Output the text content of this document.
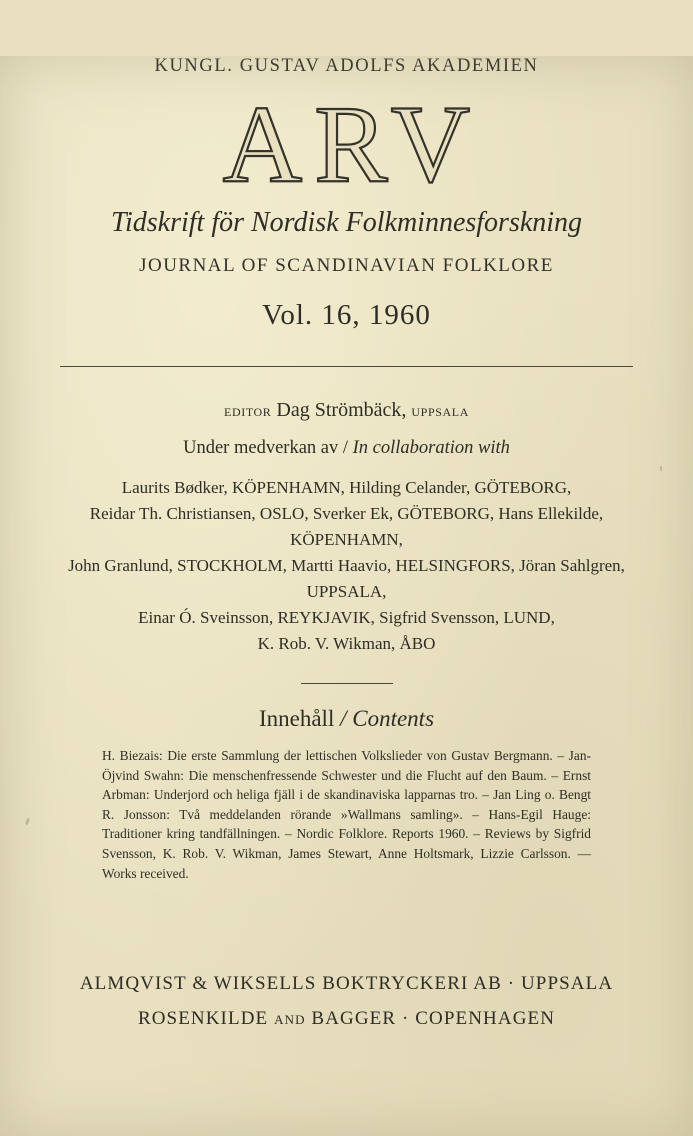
KUNGL. GUSTAV ADOLFS AKADEMIEN
ARV
Tidskrift för Nordisk Folkminnesforskning
JOURNAL OF SCANDINAVIAN FOLKLORE
Vol. 16, 1960
editor Dag Strömbäck, uppsala
Under medverkan av / In collaboration with
Laurits Bødker, KÖPENHAMN, Hilding Celander, GÖTEBORG,
Reidar Th. Christiansen, OSLO, Sverker Ek, GÖTEBORG, Hans Ellekilde, KÖPENHAMN,
John Granlund, STOCKHOLM, Martti Haavio, HELSINGFORS, Jöran Sahlgren, UPPSALA,
Einar Ó. Sveinsson, REYKJAVIK, Sigfrid Svensson, LUND,
K. Rob. V. Wikman, ÅBO
Innehåll / Contents
H. Biezais: Die erste Sammlung der lettischen Volkslieder von Gustav Bergmann. – Jan-Öjvind Swahn: Die menschenfressende Schwester und die Flucht auf den Baum. – Ernst Arbman: Underjord och heliga fjäll i de skandinaviska lapparnas tro. – Jan Ling o. Bengt R. Jonsson: Två meddelanden rörande »Wallmans samling». – Hans-Egil Hauge: Traditioner kring tandfällningen. – Nordic Folklore. Reports 1960. – Reviews by Sigfrid Svensson, K. Rob. V. Wikman, James Stewart, Anne Holtsmark, Lizzie Carlsson. — Works received.
ALMQVIST & WIKSELLS BOKTRYCKERI AB · UPPSALA
ROSENKILDE and BAGGER · COPENHAGEN
